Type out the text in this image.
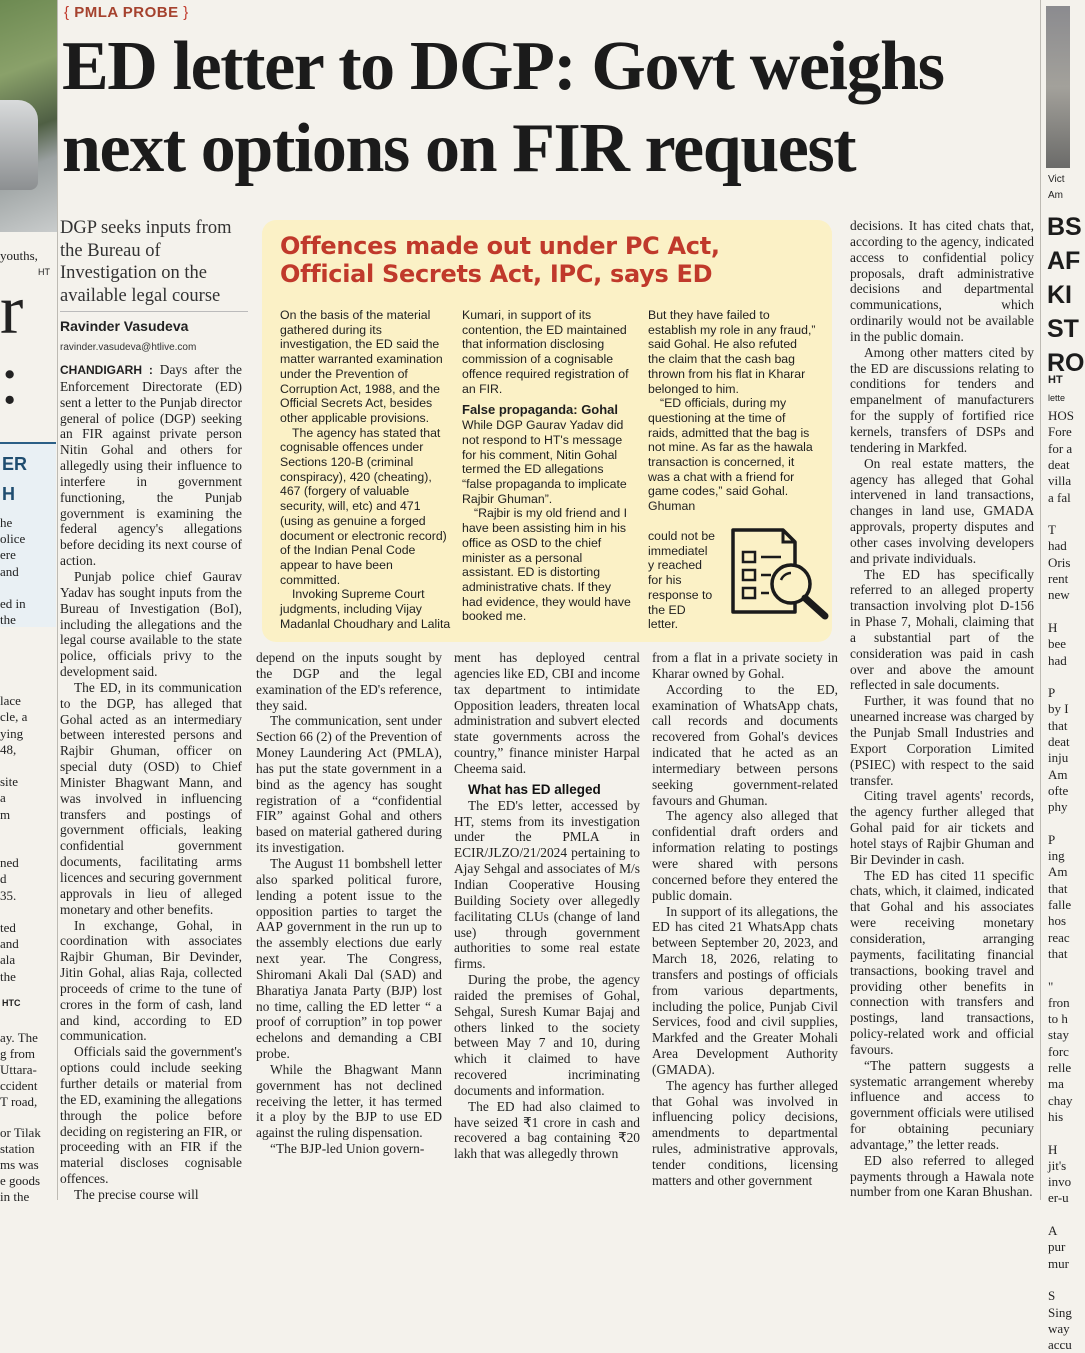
youths,
HT
r
:
ER
H
he
olice
ere
and
ed in
the
lace
cle, a
ying
48,
site
a
m
ned
d
35.
ted
and
ala
the
HTC
ay. The
g from
Uttara-
ccident
T road,
or Tilak
station
ms was
e goods
in the
Vict
Am
BS
AF
KI
ST
RO
HT
lette
HOS
Fore
for a
deat
villa
a fal
T
had
Oris
rent
new
H
bee
had
P
by I
that
deat
inju
Am
ofte
phy
P
ing
Am
that
falle
hos
reac
that
"
fron
to h
stay
forc
relle
ma
chay
his
H
jit's
invo
er-u
A
pur
mur
S
Sing
way
accu
{ PMLA PROBE }
ED letter to DGP: Govt weighs next options on FIR request
DGP seeks inputs from the Bureau of Investigation on the available legal course
Ravinder Vasudeva
ravinder.vasudeva@htlive.com

CHANDIGARH : Days after the Enforcement Directorate (ED) sent a letter to the Punjab director general of police (DGP) seeking an FIR against private person Nitin Gohal and others for allegedly using their influence to interfere in government functioning, the Punjab government is examining the federal agency's allegations before deciding its next course of action.

Punjab police chief Gaurav Yadav has sought inputs from the Bureau of Investigation (BoI), including the allegations and the legal course available to the state police, officials privy to the development said.

The ED, in its communication to the DGP, has alleged that Gohal acted as an intermediary between interested persons and Rajbir Ghuman, officer on special duty (OSD) to Chief Minister Bhagwant Mann, and was involved in influencing transfers and postings of government officials, leaking confidential government documents, facilitating arms licences and securing government approvals in lieu of alleged monetary and other benefits.

In exchange, Gohal, in coordination with associates Rajbir Ghuman, Bir Devinder, Jitin Gohal, alias Raja, collected proceeds of crime to the tune of crores in the form of cash, land and kind, according to ED communication.

Officials said the government's options could include seeking further details or material from the ED, examining the allegations through the police before deciding on registering an FIR, or proceeding with an FIR if the material discloses cognisable offences.

The precise course will

depend on the inputs sought by the DGP and the legal examination of the ED's reference, they said.

The communication, sent under Section 66 (2) of the Prevention of Money Laundering Act (PMLA), has put the state government in a bind as the agency has sought registration of a “confidential FIR” against Gohal and others based on material gathered during its investigation.

The August 11 bombshell letter also sparked political furore, lending a potent issue to the opposition parties to target the AAP government in the run up to the assembly elections due early next year. The Congress, Shiromani Akali Dal (SAD) and Bharatiya Janata Party (BJP) lost no time, calling the ED letter “ a proof of corruption” in top power echelons and demanding a CBI probe.

While the Bhagwant Mann government has not declined receiving the letter, it has termed it a ploy by the BJP to use ED against the ruling dispensation.

“The BJP-led Union govern-

ment has deployed central agencies like ED, CBI and income tax department to intimidate Opposition leaders, threaten local administration and subvert elected state governments across the country,” finance minister Harpal Cheema said.

What has ED alleged

The ED's letter, accessed by HT, stems from its investigation under the PMLA in ECIR/JLZO/21/2024 pertaining to Ajay Sehgal and associates of M/s Indian Cooperative Housing Building Society over allegedly facilitating CLUs (change of land use) through government authorities to some real estate firms.

During the probe, the agency raided the premises of Gohal, Sehgal, Suresh Kumar Bajaj and others linked to the society between May 7 and 10, during which it claimed to have recovered incriminating documents and information.

The ED had also claimed to have seized ₹1 crore in cash and recovered a bag containing ₹20 lakh that was allegedly thrown

from a flat in a private society in Kharar owned by Gohal.

According to the ED, examination of WhatsApp chats, call records and documents recovered from Gohal's devices indicated that he acted as an intermediary between persons seeking government-related favours and Ghuman.

The agency also alleged that confidential draft orders and information relating to postings were shared with persons concerned before they entered the public domain.

In support of its allegations, the ED has cited 21 WhatsApp chats between September 20, 2023, and March 18, 2026, relating to transfers and postings of officials from various departments, including the police, Punjab Civil Services, food and civil supplies, Markfed and the Greater Mohali Area Development Authority (GMADA).

The agency has further alleged that Gohal was involved in influencing policy decisions, amendments to departmental rules, administrative approvals, tender conditions, licensing matters and other government

decisions. It has cited chats that, according to the agency, indicated access to confidential policy proposals, draft administrative decisions and departmental communications, which ordinarily would not be available in the public domain.

Among other matters cited by the ED are discussions relating to conditions for tenders and empanelment of manufacturers for the supply of fortified rice kernels, transfers of DSPs and tendering in Markfed.

On real estate matters, the agency has alleged that Gohal intervened in land transactions, changes in land use, GMADA approvals, property disputes and other cases involving developers and private individuals.

The ED has specifically referred to an alleged property transaction involving plot D-156 in Phase 7, Mohali, claiming that a substantial part of the consideration was paid in cash over and above the amount reflected in sale documents.

Further, it was found that no unearned increase was charged by the Punjab Small Industries and Export Corporation Limited (PSIEC) with respect to the said transfer.

Citing travel agents' records, the agency further alleged that Gohal paid for air tickets and hotel stays of Rajbir Ghuman and Bir Devinder in cash.

The ED has cited 11 specific chats, which, it claimed, indicated that Gohal and his associates were receiving monetary consideration, arranging payments, facilitating financial transactions, booking travel and providing other benefits in connection with transfers and postings, land transactions, policy-related work and official favours.

“The pattern suggests a systematic arrangement whereby influence and access to government officials were utilised for obtaining pecuniary advantage,” the letter reads.

ED also referred to alleged payments through a Hawala note number from one Karan Bhushan.

Offences made out under PC Act, Official Secrets Act, IPC, says ED

On the basis of the material gathered during its investigation, the ED said the matter warranted examination under the Prevention of Corruption Act, 1988, and the Official Secrets Act, besides other applicable provisions.

The agency has stated that cognisable offences under Sections 120-B (criminal conspiracy), 420 (cheating), 467 (forgery of valuable security, will, etc) and 471 (using as genuine a forged document or electronic record) of the Indian Penal Code appear to have been committed.

Invoking Supreme Court judgments, including Vijay Madanlal Choudhary and Lalita

Kumari, in support of its contention, the ED maintained that information disclosing commission of a cognisable offence required registration of an FIR.

False propaganda: Gohal

While DGP Gaurav Yadav did not respond to HT's message for his comment, Nitin Gohal termed the ED allegations “false propaganda to implicate Rajbir Ghuman”.

“Rajbir is my old friend and I have been assisting him in his office as OSD to the chief minister as a personal assistant. ED is distorting administrative chats. If they had evidence, they would have booked me.

But they have failed to establish my role in any fraud,” said Gohal. He also refuted the claim that the cash bag thrown from his flat in Kharar belonged to him.

“ED officials, during my questioning at the time of raids, admitted that the bag is not mine. As far as the hawala transaction is concerned, it was a chat with a friend for game codes,” said Gohal. Ghuman

could not be
immediatel
y reached
for his
response to
the ED
letter.
